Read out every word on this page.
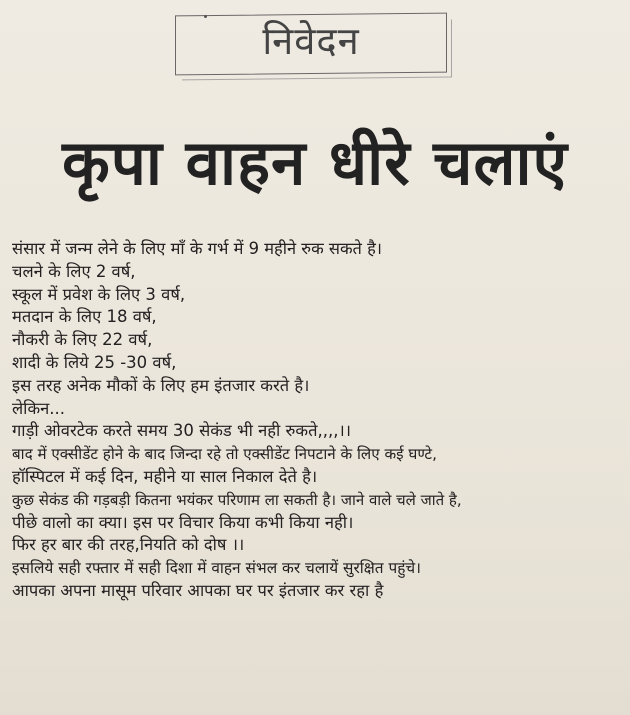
निवेदन
कृपा वाहन धीरे चलाएं
संसार में जन्म लेने के लिए माँ के गर्भ में 9 महीने रुक सकते है।
चलने के लिए 2 वर्ष,
स्कूल में प्रवेश के लिए 3 वर्ष,
मतदान के लिए 18 वर्ष,
नौकरी के लिए 22 वर्ष,
शादी के लिये 25 -30 वर्ष,
इस तरह अनेक मौकों के लिए हम इंतजार करते है।
लेकिन...
गाड़ी ओवरटेक करते समय 30 सेकंड भी नही रुकते,,,,।।
बाद में एक्सीडेंट होने के बाद जिन्दा रहे तो एक्सीडेंट निपटाने के लिए कई घण्टे,
हॉस्पिटल में कई दिन, महीने या साल निकाल देते है।
कुछ सेकंड की गड़बड़ी कितना भयंकर परिणाम ला सकती है। जाने वाले चले जाते है,
पीछे वालो का क्या। इस पर विचार किया कभी किया नही।
फिर हर बार की तरह,नियति को दोष ।।
इसलिये सही रफ्तार में सही दिशा में वाहन संभल कर चलायें सुरक्षित पहुंचे।
आपका अपना मासूम परिवार आपका घर पर इंतजार कर रहा है
